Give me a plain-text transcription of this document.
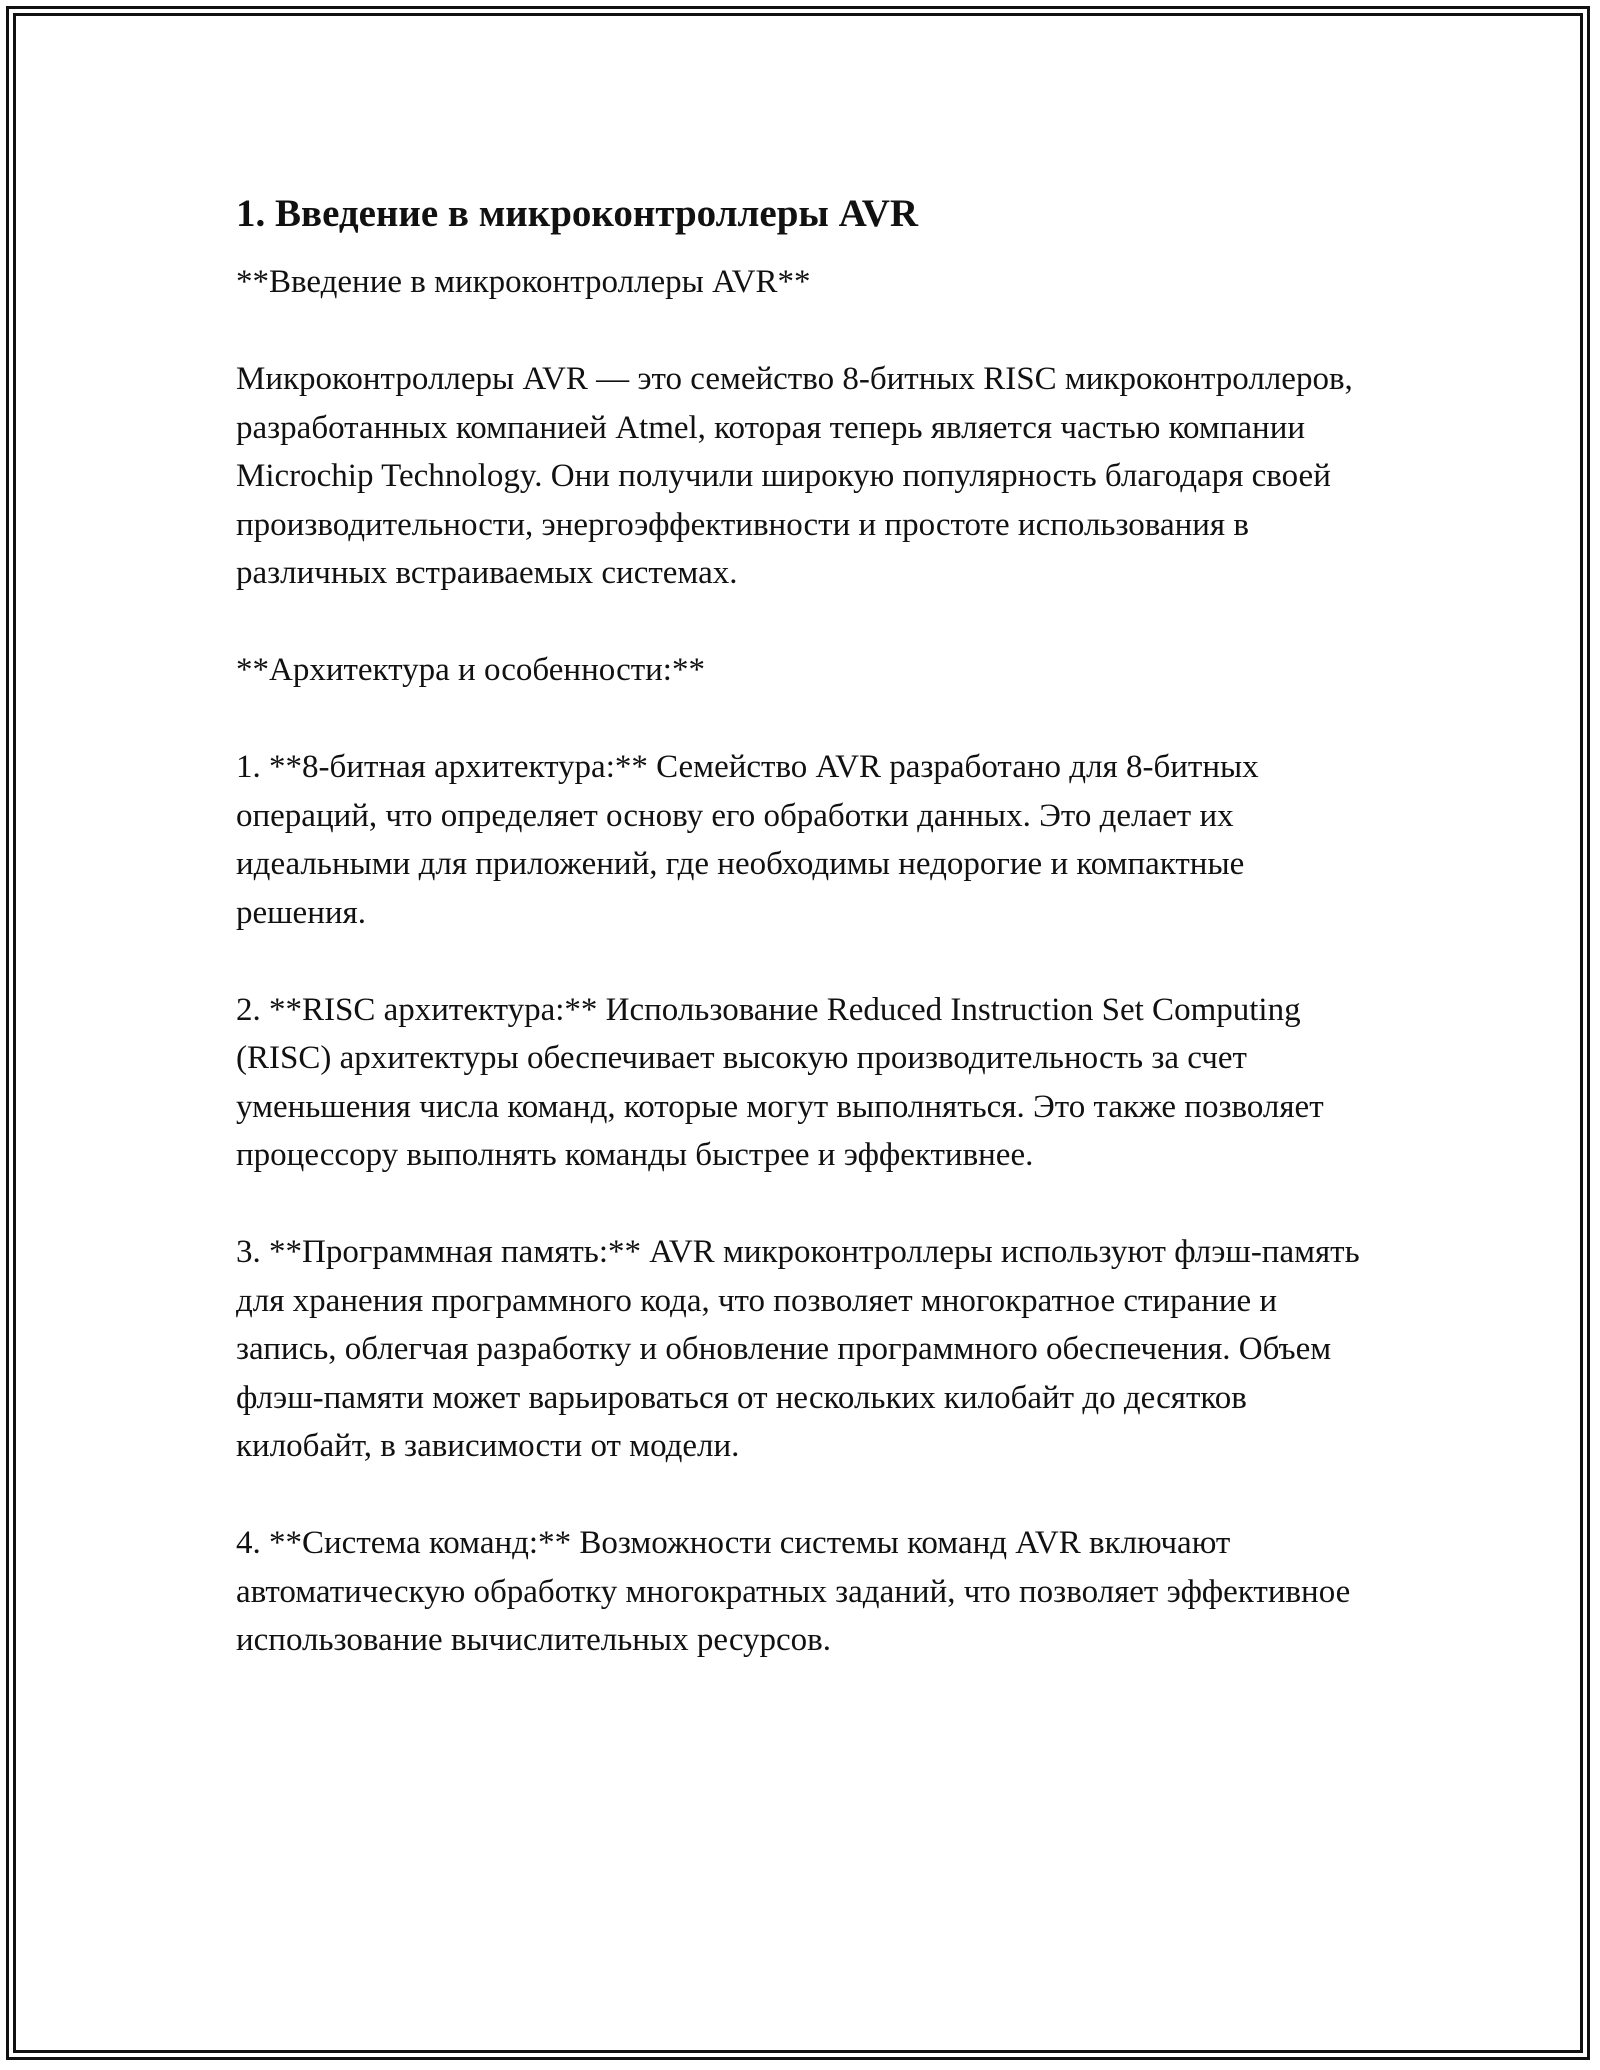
1. Введение в микроконтроллеры AVR

**Введение в микроконтроллеры AVR**

Микроконтроллеры AVR — это семейство 8-битных RISC микроконтроллеров, разработанных компанией Atmel, которая теперь является частью компании Microchip Technology. Они получили широкую популярность благодаря своей производительности, энергоэффективности и простоте использования в различных встраиваемых системах.

**Архитектура и особенности:**

1. **8-битная архитектура:** Семейство AVR разработано для 8-битных операций, что определяет основу его обработки данных. Это делает их идеальными для приложений, где необходимы недорогие и компактные решения.

2. **RISC архитектура:** Использование Reduced Instruction Set Computing (RISC) архитектуры обеспечивает высокую производительность за счет уменьшения числа команд, которые могут выполняться. Это также позволяет процессору выполнять команды быстрее и эффективнее.

3. **Программная память:** AVR микроконтроллеры используют флэш-память для хранения программного кода, что позволяет многократное стирание и запись, облегчая разработку и обновление программного обеспечения. Объем флэш-памяти может варьироваться от нескольких килобайт до десятков килобайт, в зависимости от модели.

4. **Система команд:** Возможности системы команд AVR включают автоматическую обработку многократных заданий, что позволяет эффективное использование вычислительных ресурсов.
